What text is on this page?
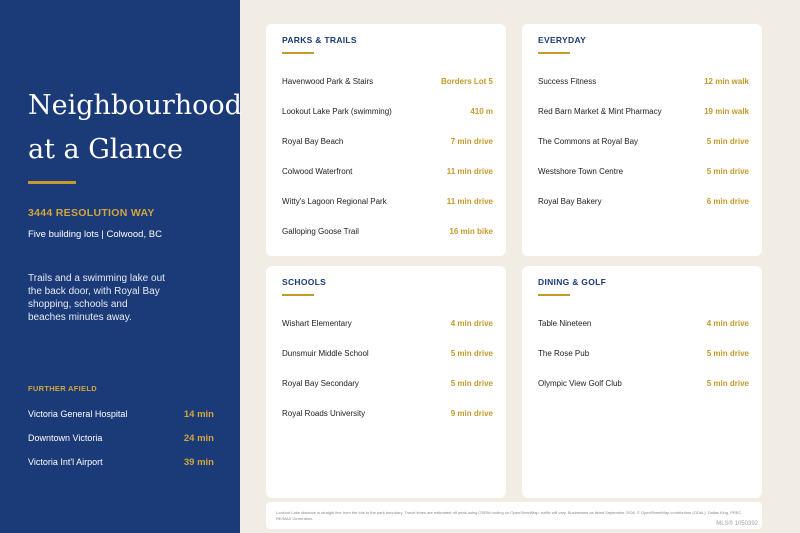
Neighbourhood
at a Glance
3444 RESOLUTION WAY
Five building lots | Colwood, BC

Trails and a swimming lake out the back door, with Royal Bay shopping, schools and beaches minutes away.

FURTHER AFIELD
Victoria General Hospital	14 min
Downtown Victoria	24 min
Victoria Int'l Airport	39 min
PARKS & TRAILS
Havenwood Park & Stairs	Borders Lot 5
Lookout Lake Park (swimming)	410 m
Royal Bay Beach	7 min drive
Colwood Waterfront	11 min drive
Witty's Lagoon Regional Park	11 min drive
Galloping Goose Trail	16 min bike
EVERYDAY
Success Fitness	12 min walk
Red Barn Market & Mint Pharmacy	19 min walk
The Commons at Royal Bay	5 min drive
Westshore Town Centre	5 min drive
Royal Bay Bakery	6 min drive
SCHOOLS
Wishart Elementary	4 min drive
Dunsmuir Middle School	5 min drive
Royal Bay Secondary	5 min drive
Royal Roads University	9 min drive
DINING & GOLF
Table Nineteen	4 min drive
The Rose Pub	5 min drive
Olympic View Golf Club	5 min drive

Lookout Lake distance is straight line from the lots to the park boundary. Travel times are estimated off peak using OSRM routing on OpenStreetMap; traffic will vary. Businesses as listed September 2026. © OpenStreetMap contributors (ODbL). Dallas King, PREC, RE/MAX Generation.

MLS® 1050392
